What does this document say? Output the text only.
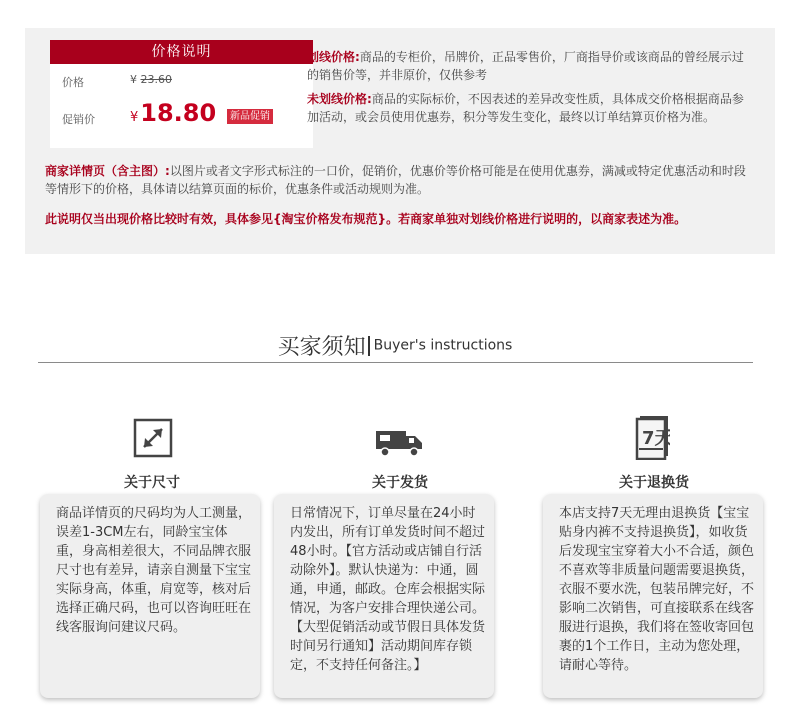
价格说明
价格
促销价
¥ 23.60
¥18.80	新品促销
划线价格:商品的专柜价，吊牌价，正品零售价，厂商指导价或该商品的曾经展示过的销售价等，并非原价，仅供参考
未划线价格:商品的实际标价，不因表述的差异改变性质，具体成交价格根据商品参加活动，或会员使用优惠券，积分等发生变化，最终以订单结算页价格为准。
商家详情页（含主图）:以图片或者文字形式标注的一口价，促销价，优惠价等价格可能是在使用优惠券，满减或特定优惠活动和时段等情形下的价格，具体请以结算页面的标价，优惠条件或活动规则为准。
此说明仅当出现价格比较时有效，具体参见{淘宝价格发布规范}。若商家单独对划线价格进行说明的，以商家表述为准。
买家须知 Buyer's instructions
关于尺寸	关于发货
7天
关于退换货
商品详情页的尺码均为人工测量，误差1-3CM左右，同龄宝宝体重，身高相差很大，不同品牌衣服尺寸也有差异，请亲自测量下宝宝实际身高，体重，肩宽等，核对后选择正确尺码，也可以咨询旺旺在线客服询问建议尺码。
日常情况下，订单尽量在24小时内发出，所有订单发货时间不超过48小时。【官方活动或店铺自行活动除外】。默认快递为：中通，圆通，申通，邮政。仓库会根据实际情况，为客户安排合理快递公司。【大型促销活动或节假日具体发货时间另行通知】活动期间库存锁定，不支持任何备注。】
本店支持7天无理由退换货【宝宝贴身内裤不支持退换货】，如收货后发现宝宝穿着大小不合适，颜色不喜欢等非质量问题需要退换货，衣服不要水洗，包装吊牌完好，不影响二次销售，可直接联系在线客服进行退换，我们将在签收寄回包裹的1个工作日，主动为您处理，请耐心等待。
